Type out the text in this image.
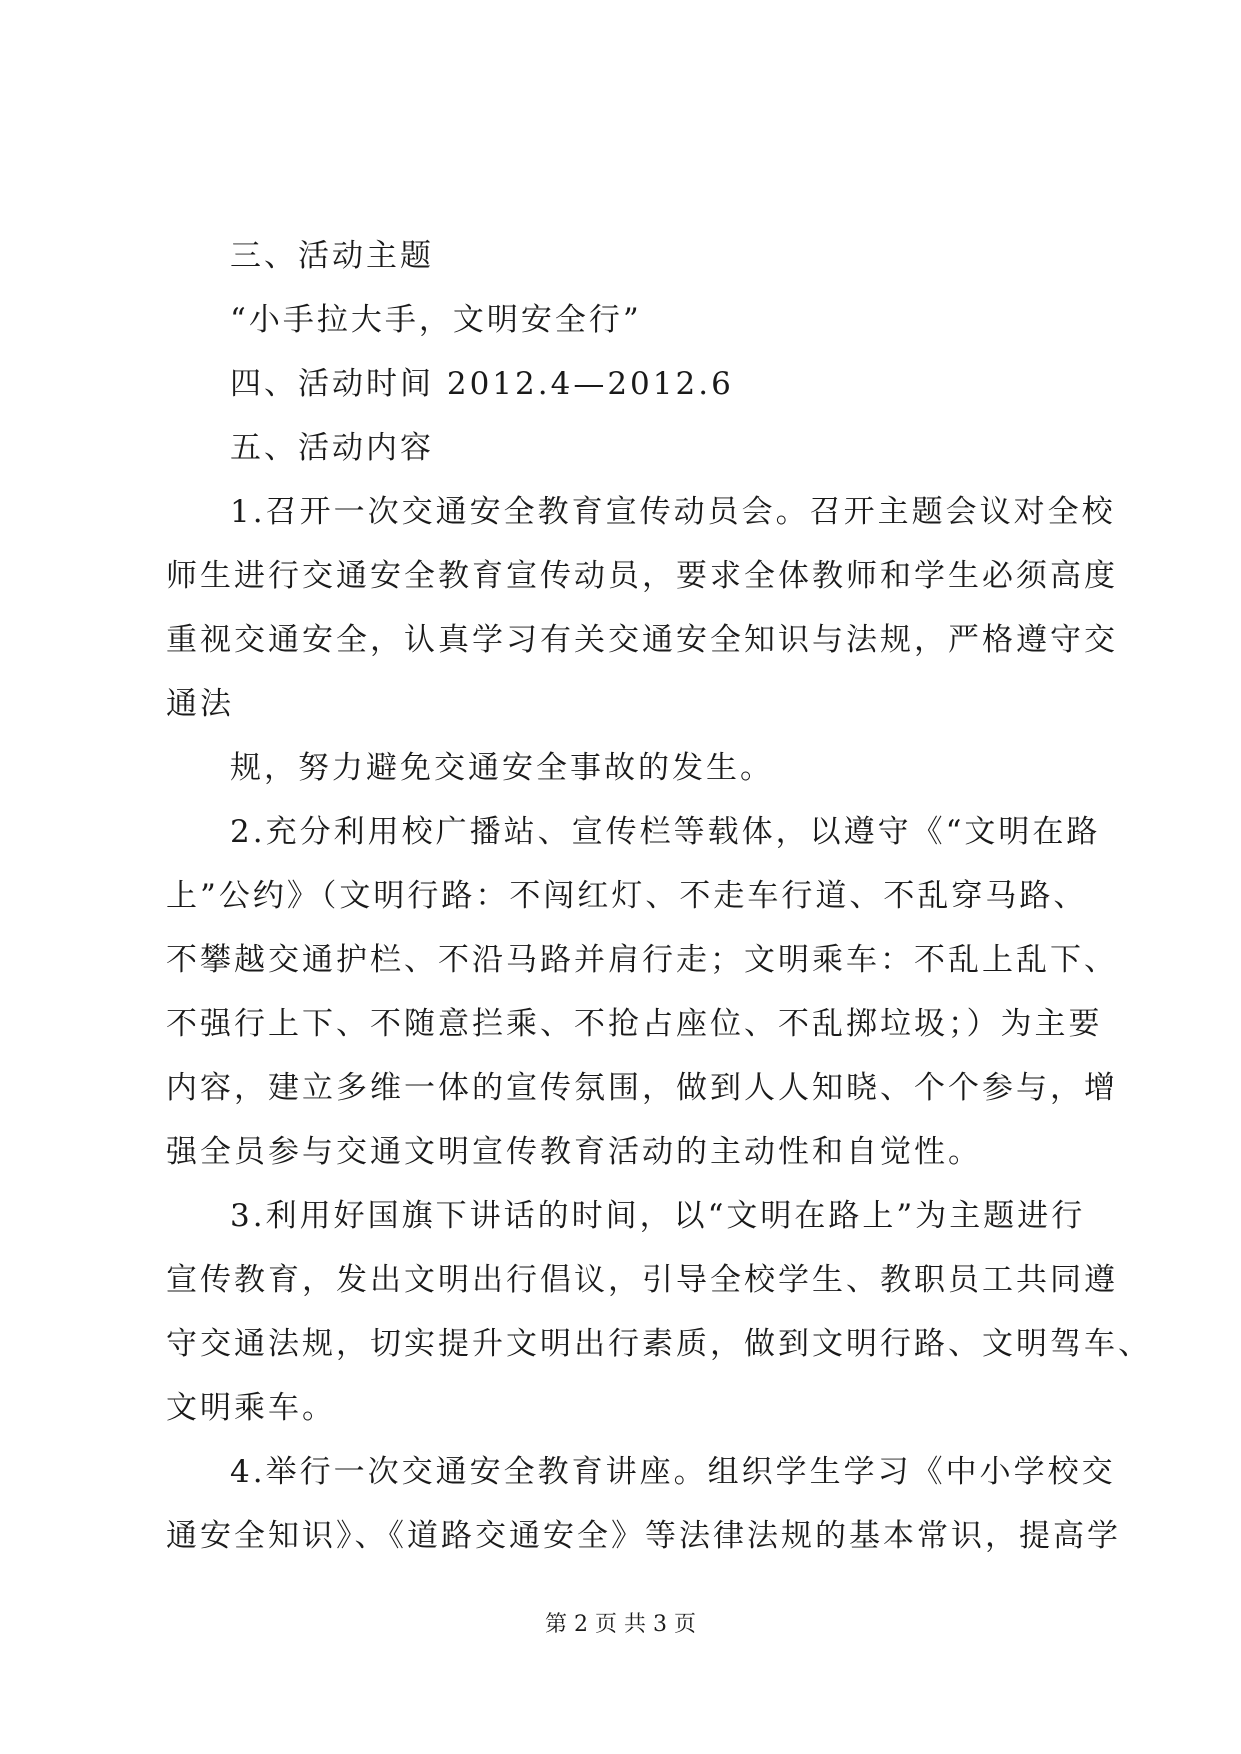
三、活动主题
“小手拉大手，文明安全行”
四、活动时间 2012.4—2012.6
五、活动内容
1.召开一次交通安全教育宣传动员会。召开主题会议对全校
师生进行交通安全教育宣传动员，要求全体教师和学生必须高度
重视交通安全，认真学习有关交通安全知识与法规，严格遵守交
通法
规，努力避免交通安全事故的发生。
2.充分利用校广播站、宣传栏等载体，以遵守《“文明在路
上”公约》（文明行路：不闯红灯、不走车行道、不乱穿马路、
不攀越交通护栏、不沿马路并肩行走；文明乘车：不乱上乱下、
不强行上下、不随意拦乘、不抢占座位、不乱掷垃圾；）为主要
内容，建立多维一体的宣传氛围，做到人人知晓、个个参与，增
强全员参与交通文明宣传教育活动的主动性和自觉性。
3.利用好国旗下讲话的时间，以“文明在路上”为主题进行
宣传教育，发出文明出行倡议，引导全校学生、教职员工共同遵
守交通法规，切实提升文明出行素质，做到文明行路、文明驾车、
文明乘车。
4.举行一次交通安全教育讲座。组织学生学习《中小学校交
通安全知识》、《道路交通安全》等法律法规的基本常识，提高学
第 2 页 共 3 页
